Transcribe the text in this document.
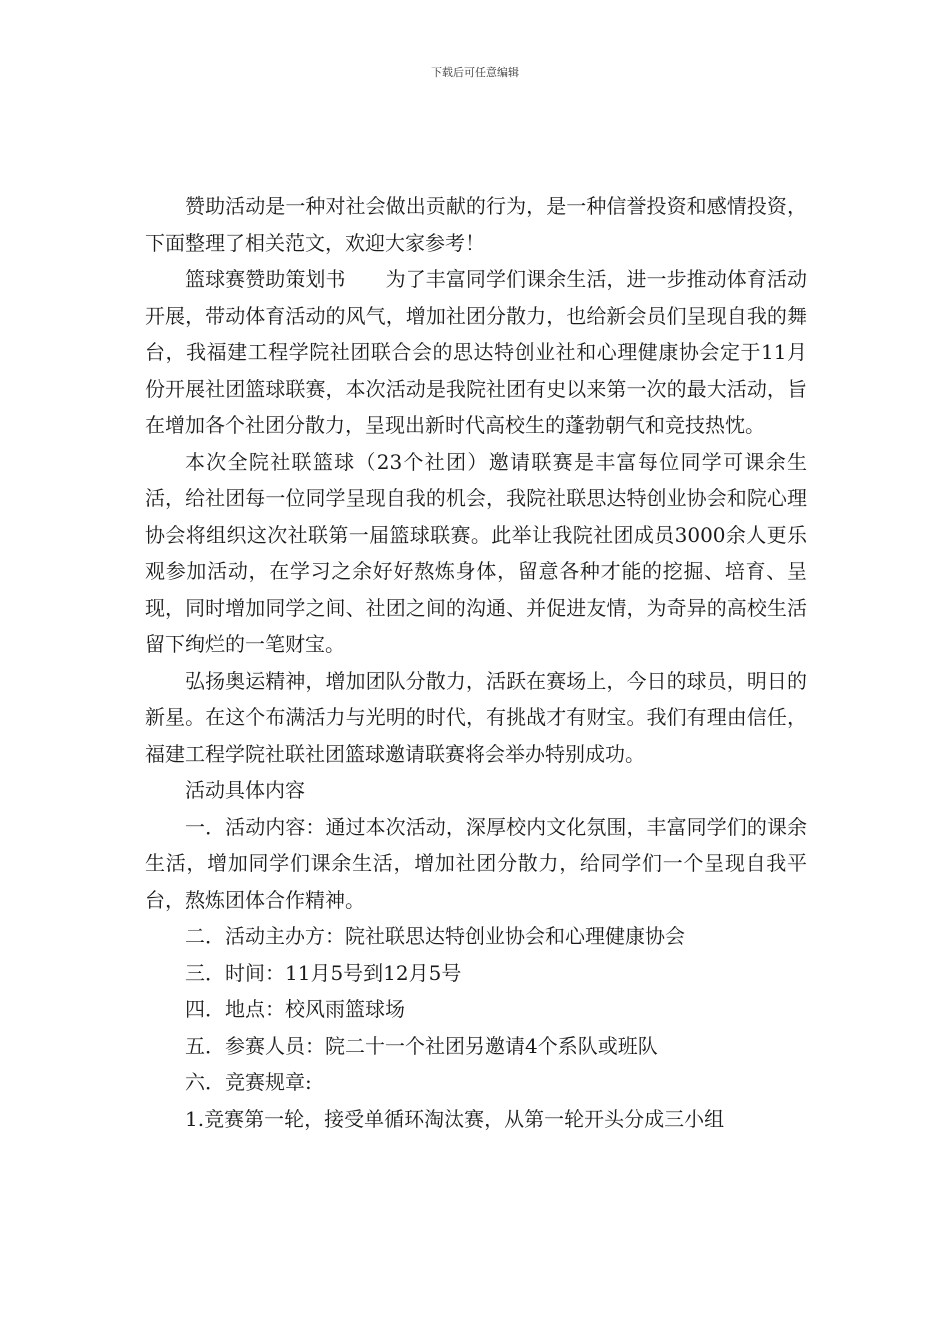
下载后可任意编辑

赞助活动是一种对社会做出贡献的行为，是一种信誉投资和感情投资，下面整理了相关范文，欢迎大家参考！

篮球赛赞助策划书　　为了丰富同学们课余生活，进一步推动体育活动开展，带动体育活动的风气，增加社团分散力，也给新会员们呈现自我的舞台，我福建工程学院社团联合会的思达特创业社和心理健康协会定于11月份开展社团篮球联赛，本次活动是我院社团有史以来第一次的最大活动，旨在增加各个社团分散力，呈现出新时代高校生的蓬勃朝气和竞技热忱。

本次全院社联篮球（23个社团）邀请联赛是丰富每位同学可课余生活，给社团每一位同学呈现自我的机会，我院社联思达特创业协会和院心理协会将组织这次社联第一届篮球联赛。此举让我院社团成员3000余人更乐观参加活动，在学习之余好好熬炼身体，留意各种才能的挖掘、培育、呈现，同时增加同学之间、社团之间的沟通、并促进友情，为奇异的高校生活留下绚烂的一笔财宝。

弘扬奥运精神，增加团队分散力，活跃在赛场上，今日的球员，明日的新星。在这个布满活力与光明的时代，有挑战才有财宝。我们有理由信任，福建工程学院社联社团篮球邀请联赛将会举办特别成功。

活动具体内容

一．活动内容：通过本次活动，深厚校内文化氛围，丰富同学们的课余生活，增加同学们课余生活，增加社团分散力，给同学们一个呈现自我平台，熬炼团体合作精神。

二．活动主办方：院社联思达特创业协会和心理健康协会

三．时间：11月5号到12月5号

四．地点：校风雨篮球场

五．参赛人员：院二十一个社团另邀请4个系队或班队

六．竞赛规章:

1.竞赛第一轮，接受单循环淘汰赛，从第一轮开头分成三小组
